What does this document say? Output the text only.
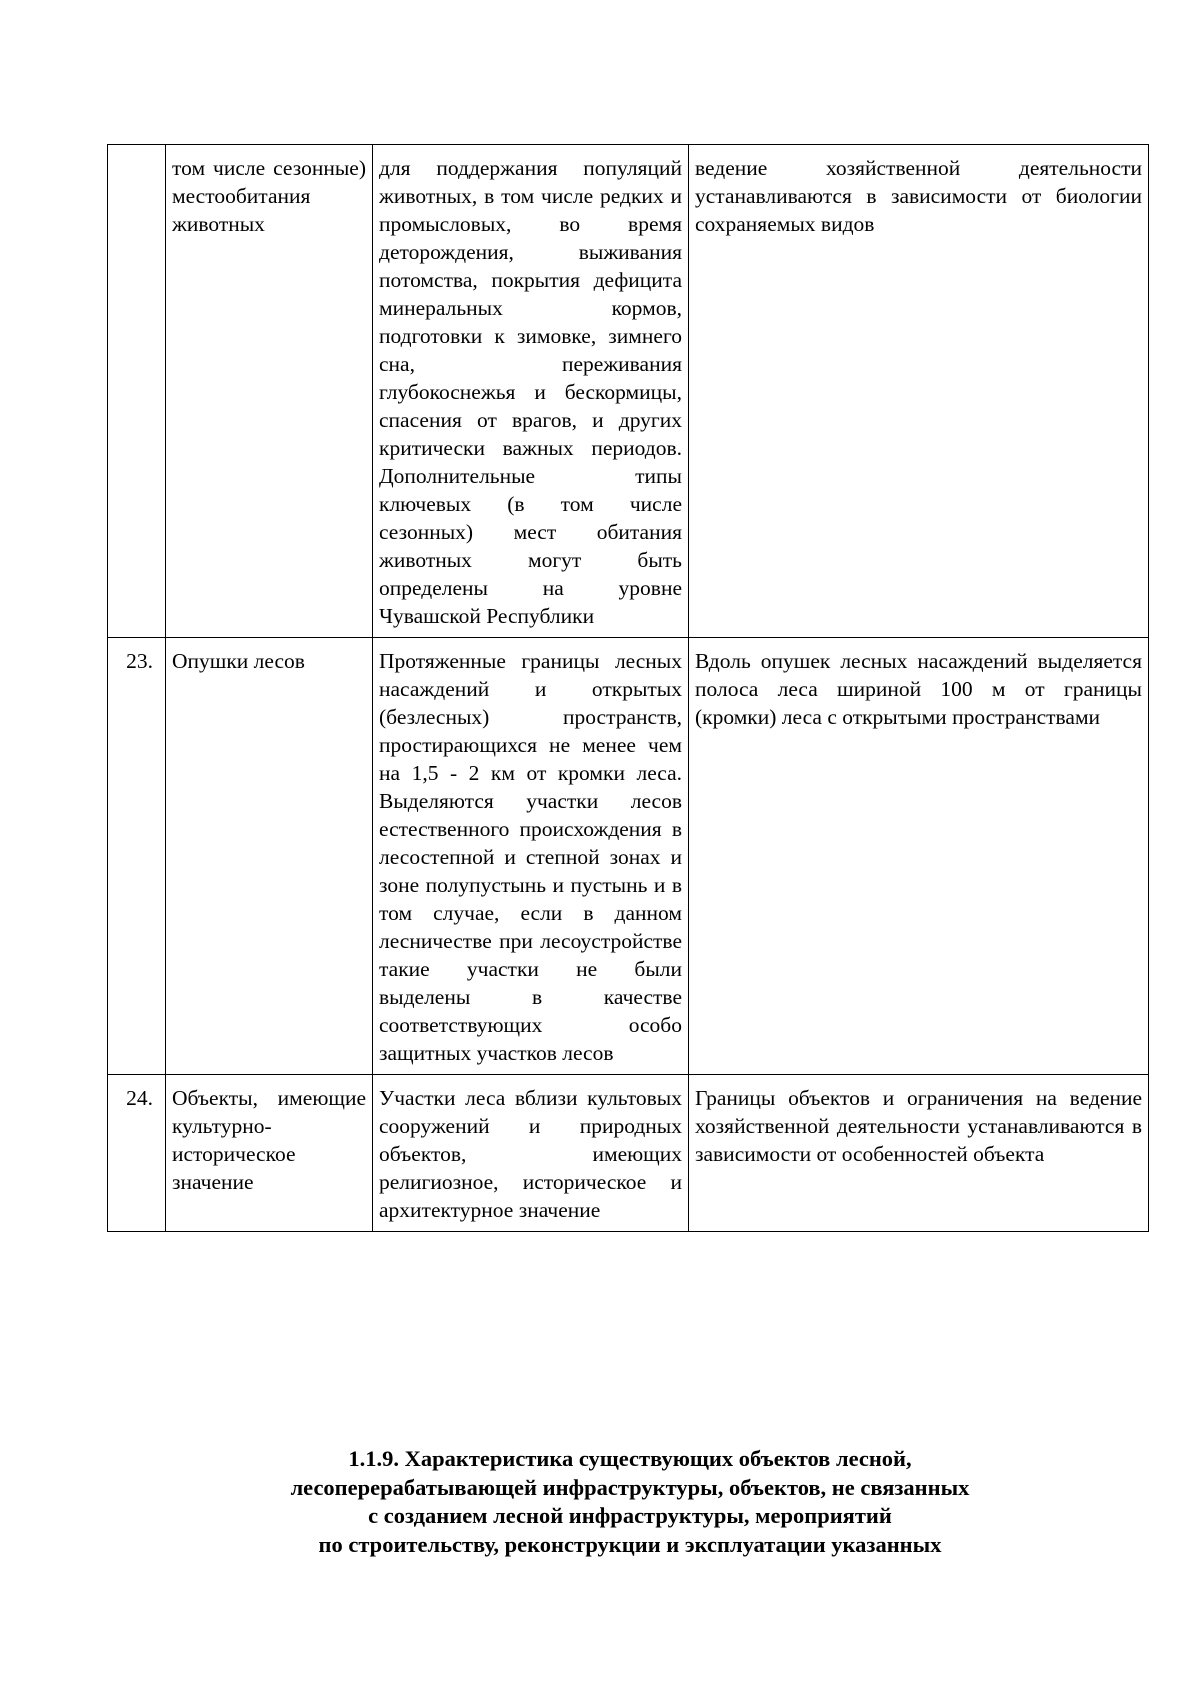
	том числе сезонные) местообитания животных	для поддержания популяций животных, в том числе редких и промысловых, во время деторождения, выживания потомства, покрытия дефицита минеральных кормов, подготовки к зимовке, зимнего сна, переживания глубокоснежья и бескормицы, спасения от врагов, и других критически важных периодов. Дополнительные типы ключевых (в том числе сезонных) мест обитания животных могут быть определены на уровне Чувашской Республики	ведение хозяйственной деятельности устанавливаются в зависимости от биологии сохраняемых видов

23.	Опушки лесов	Протяженные границы лесных насаждений и открытых (безлесных) пространств, простирающихся не менее чем на 1,5 - 2 км от кромки леса. Выделяются участки лесов естественного происхождения в лесостепной и степной зонах и зоне полупустынь и пустынь и в том случае, если в данном лесничестве при лесоустройстве такие участки не были выделены в качестве соответствующих особо защитных участков лесов	Вдоль опушек лесных насаждений выделяется полоса леса шириной 100 м от границы (кромки) леса с открытыми пространствами

24.	Объекты, имеющие культурно-историческое значение	Участки леса вблизи культовых сооружений и природных объектов, имеющих религиозное, историческое и архитектурное значение	Границы объектов и ограничения на ведение хозяйственной деятельности устанавливаются в зависимости от особенностей объекта
1.1.9. Характеристика существующих объектов лесной,
лесоперерабатывающей инфраструктуры, объектов, не связанных
с созданием лесной инфраструктуры, мероприятий
по строительству, реконструкции и эксплуатации указанных
